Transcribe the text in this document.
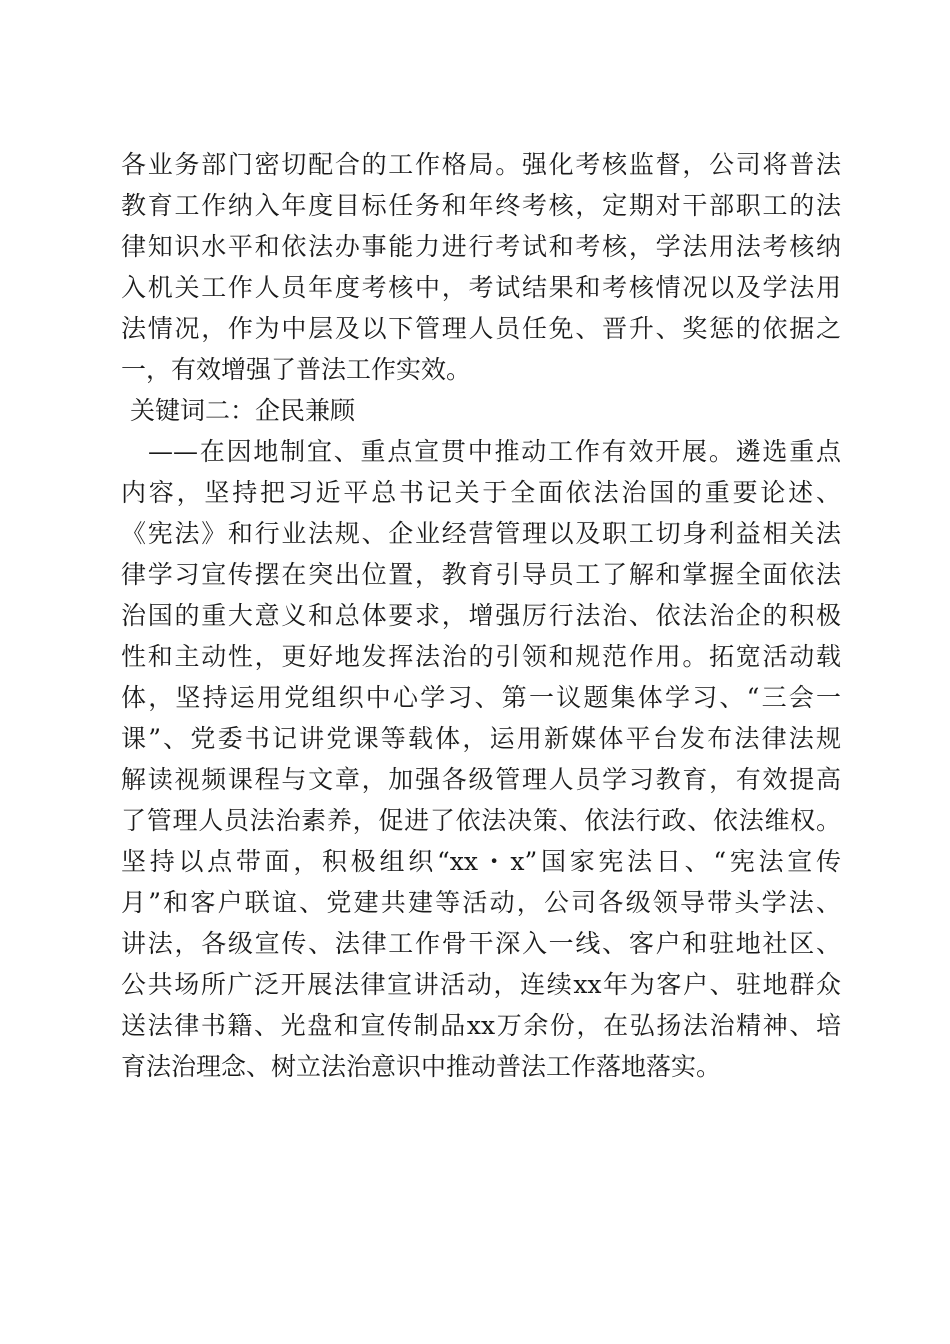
各业务部门密切配合的工作格局。强化考核监督，公司将普法
教育工作纳入年度目标任务和年终考核，定期对干部职工的法
律知识水平和依法办事能力进行考试和考核，学法用法考核纳
入机关工作人员年度考核中，考试结果和考核情况以及学法用
法情况，作为中层及以下管理人员任免、晋升、奖惩的依据之
一，有效增强了普法工作实效。
关键词二：企民兼顾
——在因地制宜、重点宣贯中推动工作有效开展。遴选重点
内容，坚持把习近平总书记关于全面依法治国的重要论述、
《宪法》和行业法规、企业经营管理以及职工切身利益相关法
律学习宣传摆在突出位置，教育引导员工了解和掌握全面依法
治国的重大意义和总体要求，增强厉行法治、依法治企的积极
性和主动性，更好地发挥法治的引领和规范作用。拓宽活动载
体，坚持运用党组织中心学习、第一议题集体学习、“三会一
课”、党委书记讲党课等载体，运用新媒体平台发布法律法规
解读视频课程与文章，加强各级管理人员学习教育，有效提高
了管理人员法治素养，促进了依法决策、依法行政、依法维权。
坚持以点带面，积极组织“xx・x”国家宪法日、“宪法宣传
月”和客户联谊、党建共建等活动，公司各级领导带头学法、
讲法，各级宣传、法律工作骨干深入一线、客户和驻地社区、
公共场所广泛开展法律宣讲活动，连续xx年为客户、驻地群众
送法律书籍、光盘和宣传制品xx万余份，在弘扬法治精神、培
育法治理念、树立法治意识中推动普法工作落地落实。
